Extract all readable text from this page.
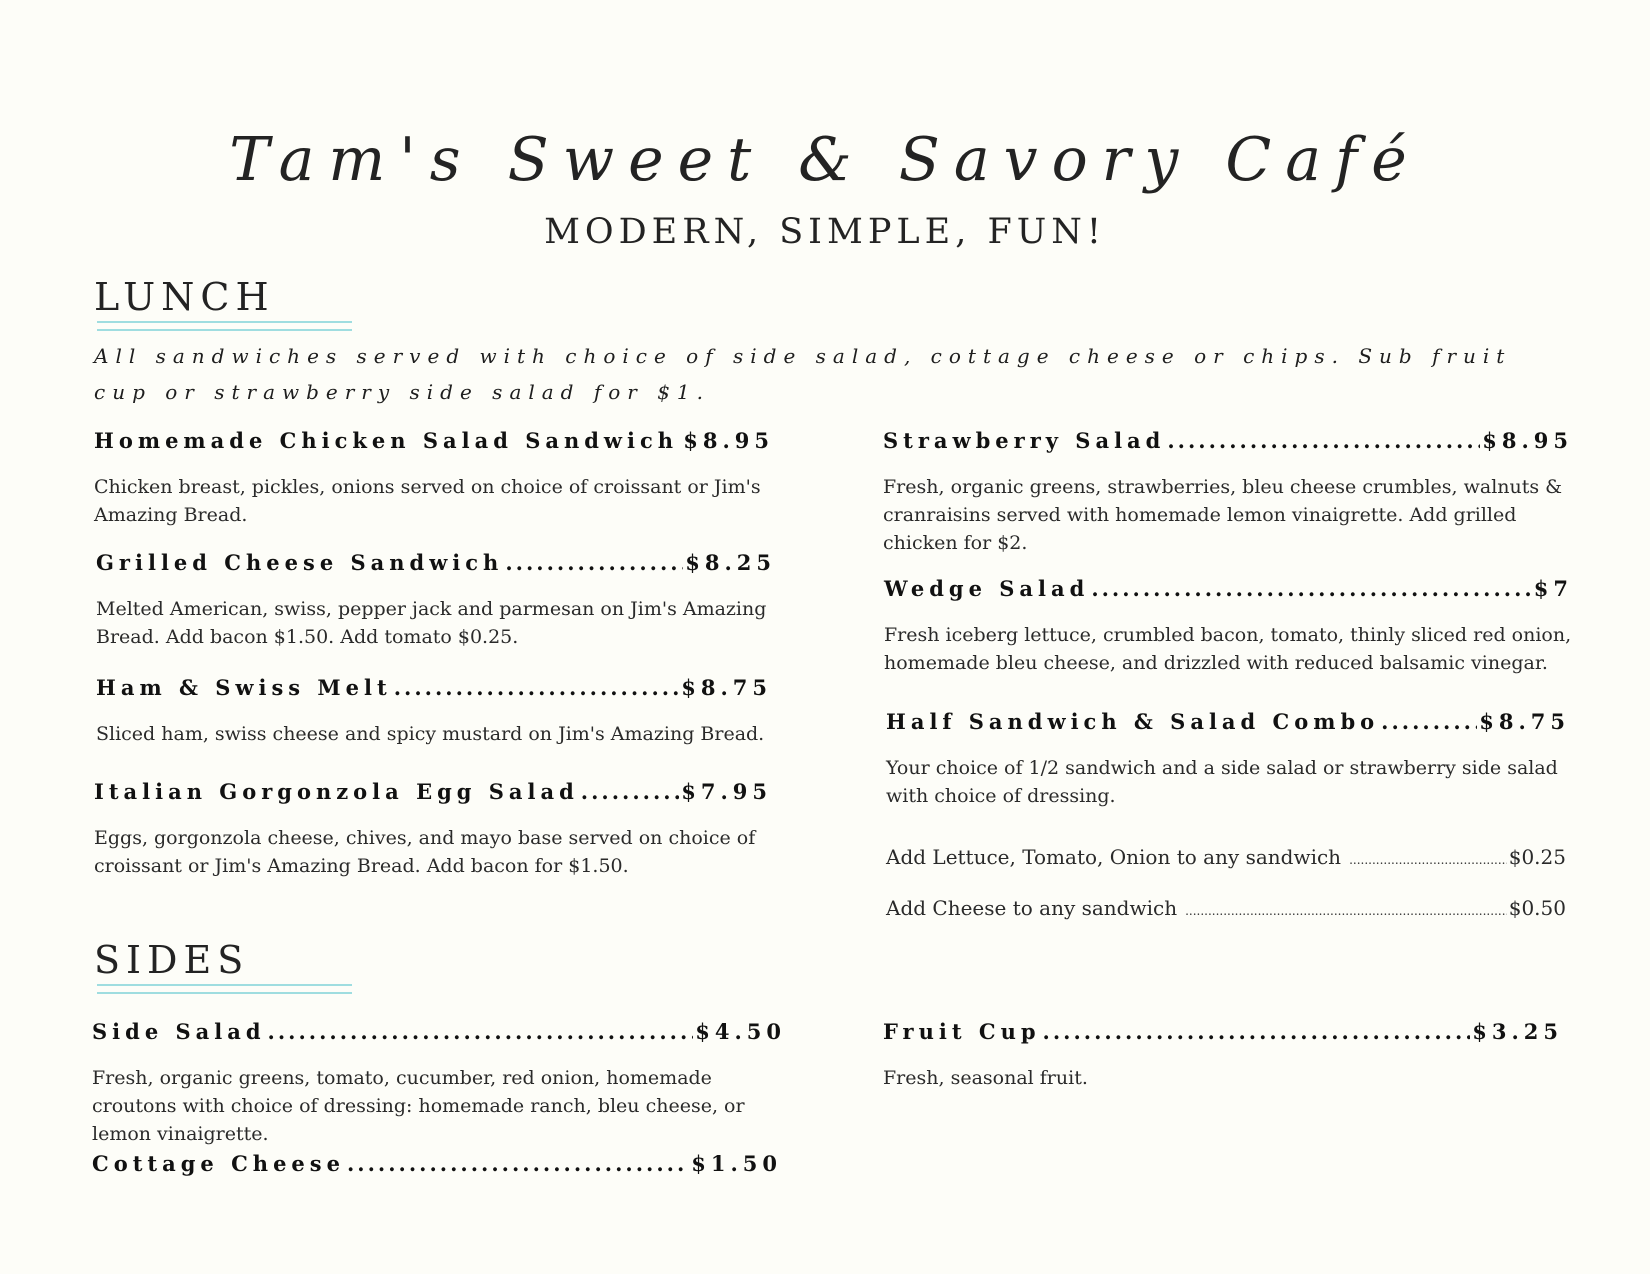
Tam's Sweet & Savory Café
MODERN, SIMPLE, FUN!
LUNCH
All sandwiches served with choice of side salad, cottage cheese or chips. Sub fruit cup or strawberry side salad for $1.
Homemade Chicken Salad Sandwich ..... $8.95
Chicken breast, pickles, onions served on choice of croissant or Jim's Amazing Bread.
Grilled Cheese Sandwich .....	$8.25
Melted American, swiss, pepper jack and parmesan on Jim's Amazing Bread. Add bacon $1.50. Add tomato $0.25.
Ham & Swiss Melt .....	$8.75
Sliced ham, swiss cheese and spicy mustard on Jim's Amazing Bread.
Italian Gorgonzola Egg Salad .....	$7.95
Eggs, gorgonzola cheese, chives, and mayo base served on choice of croissant or Jim's Amazing Bread. Add bacon for $1.50.
Strawberry Salad .....	$8.95
Fresh, organic greens, strawberries, bleu cheese crumbles, walnuts & cranraisins served with homemade lemon vinaigrette. Add grilled chicken for $2.
Wedge Salad .....	$7
Fresh iceberg lettuce, crumbled bacon, tomato, thinly sliced red onion, homemade bleu cheese, and drizzled with reduced balsamic vinegar.
Half Sandwich & Salad Combo .....	$8.75
Your choice of 1/2 sandwich and a side salad or strawberry side salad with choice of dressing.
Add Lettuce, Tomato, Onion to any sandwich .....	$0.25
Add Cheese to any sandwich .....	$0.50
SIDES
Side Salad .....	$4.50
Fresh, organic greens, tomato, cucumber, red onion, homemade croutons with choice of dressing: homemade ranch, bleu cheese, or lemon vinaigrette.
Cottage Cheese .....	$1.50
Fruit Cup .....	$3.25
Fresh, seasonal fruit.
